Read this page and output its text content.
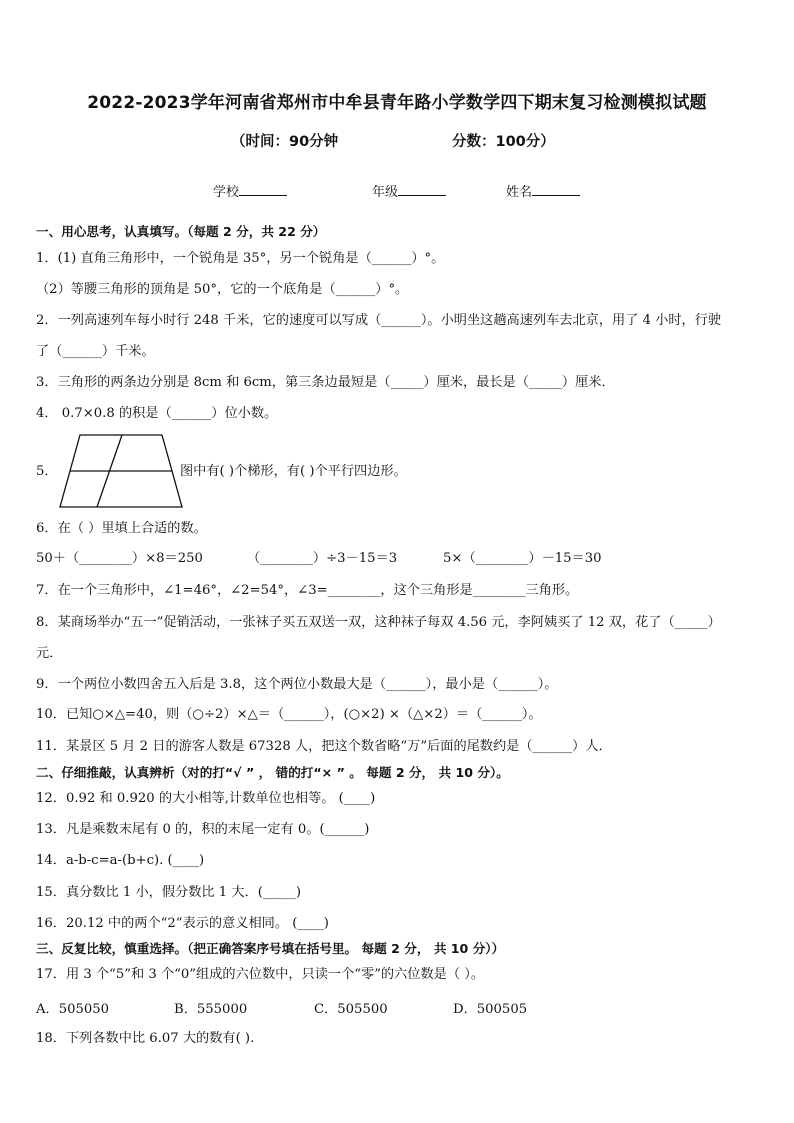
2022-2023学年河南省郑州市中牟县青年路小学数学四下期末复习检测模拟试题
（时间：90分钟	分数：100分）
学校	年级	姓名
一、用心思考，认真填写。（每题 2 分，共 22 分）
1．(1) 直角三角形中，一个锐角是 35°，另一个锐角是（______）°。
（2）等腰三角形的顶角是 50°，它的一个底角是（______）°。
2．一列高速列车每小时行 248 千米，它的速度可以写成（______）。小明坐这趟高速列车去北京，用了 4 小时，行驶
了（______）千米。
3．三角形的两条边分别是 8cm 和 6cm，第三条边最短是（_____）厘米，最长是（_____）厘米．
4． 0.7×0.8 的积是（______）位小数。
5．	图中有( )个梯形，有( )个平行四边形。
6．在（ ）里填上合适的数。
50＋（________）×8＝250	（________）÷3－15＝3	5×（________）－15＝30
7．在一个三角形中，∠1=46°，∠2=54°，∠3=________，这个三角形是________三角形。
8．某商场举办“五一”促销活动，一张袜子买五双送一双，这种袜子每双 4.56 元，李阿姨买了 12 双，花了（_____）
元．
9．一个两位小数四舍五入后是 3.8，这个两位小数最大是（______），最小是（______）。
10．已知○×△=40，则（○÷2）×△＝（______），(○×2) ×（△×2）＝（______）。
11．某景区 5 月 2 日的游客人数是 67328 人，把这个数省略“万”后面的尾数约是（______）人．
二、仔细推敲，认真辨析（对的打“√ ” ， 错的打“× ” 。 每题 2 分， 共 10 分）。
12．0.92 和 0.920 的大小相等,计数单位也相等。 (____)
13．凡是乘数末尾有 0 的，积的末尾一定有 0。(______)
14．a-b-c=a-(b+c). (____)
15．真分数比 1 小，假分数比 1 大．(_____)
16．20.12 中的两个“2”表示的意义相同。 (____)
三、反复比较，慎重选择。（把正确答案序号填在括号里。 每题 2 分， 共 10 分））
17．用 3 个“5”和 3 个“0”组成的六位数中，只读一个“零”的六位数是（ ）。
A．505050	B．555000	C．505500	D．500505
18．下列各数中比 6.07 大的数有( ).
